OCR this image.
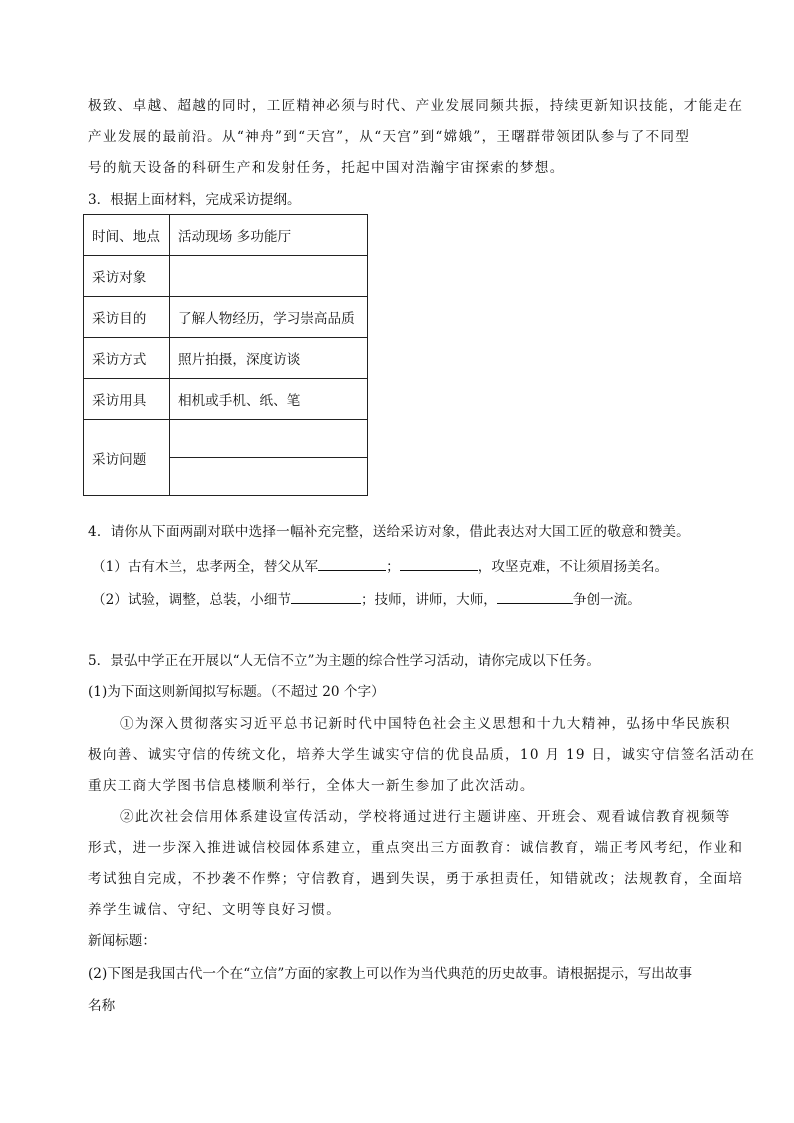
极致、卓越、超越的同时，工匠精神必须与时代、产业发展同频共振，持续更新知识技能，才能走在
产业发展的最前沿。从“神舟”到“天宫”，从“天宫”到“嫦娥”，王曙群带领团队参与了不同型
号的航天设备的科研生产和发射任务，托起中国对浩瀚宇宙探索的梦想。
3．根据上面材料，完成采访提纲。
时间、地点	活动现场 多功能厅
采访对象	
采访目的	了解人物经历，学习崇高品质
采访方式	照片拍摄，深度访谈
采访用具	相机或手机、纸、笔
采访问题	

4．请你从下面两副对联中选择一幅补充完整，送给采访对象，借此表达对大国工匠的敬意和赞美。
（1）古有木兰，忠孝两全，替父从军	；	，攻坚克难，不让须眉扬美名。
（2）试验，调整，总装，小细节	；技师，讲师，大师，	争创一流。
5．景弘中学正在开展以“人无信不立”为主题的综合性学习活动，请你完成以下任务。
(1)为下面这则新闻拟写标题。（不超过 20 个字）
①为深入贯彻落实习近平总书记新时代中国特色社会主义思想和十九大精神，弘扬中华民族积
极向善、诚实守信的传统文化，培养大学生诚实守信的优良品质，10 月 19 日，诚实守信签名活动在
重庆工商大学图书信息楼顺利举行，全体大一新生参加了此次活动。
②此次社会信用体系建设宣传活动，学校将通过进行主题讲座、开班会、观看诚信教育视频等
形式，进一步深入推进诚信校园体系建立，重点突出三方面教育：诚信教育，端正考风考纪，作业和
考试独自完成，不抄袭不作弊；守信教育，遇到失误，勇于承担责任，知错就改；法规教育，全面培
养学生诚信、守纪、文明等良好习惯。
新闻标题：
(2)下图是我国古代一个在“立信”方面的家教上可以作为当代典范的历史故事。请根据提示，写出故事
名称
